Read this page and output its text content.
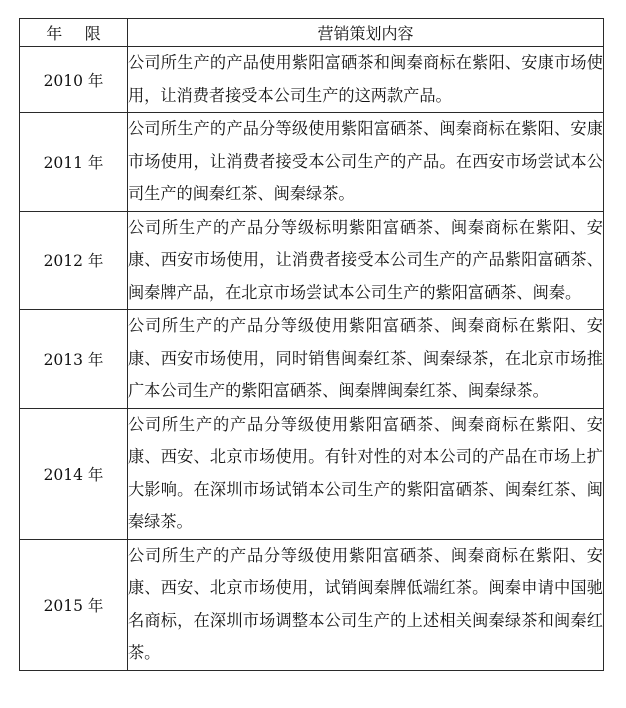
年 限	营销策划内容
2010 年	公司所生产的产品使用紫阳富硒茶和闽秦商标在紫阳、安康市场使用，让消费者接受本公司生产的这两款产品。
2011 年	公司所生产的产品分等级使用紫阳富硒茶、闽秦商标在紫阳、安康市场使用，让消费者接受本公司生产的产品。在西安市场尝试本公司生产的闽秦红茶、闽秦绿茶。
2012 年	公司所生产的产品分等级标明紫阳富硒茶、闽秦商标在紫阳、安康、西安市场使用，让消费者接受本公司生产的产品紫阳富硒茶、闽秦牌产品，在北京市场尝试本公司生产的紫阳富硒茶、闽秦。
2013 年	公司所生产的产品分等级使用紫阳富硒茶、闽秦商标在紫阳、安康、西安市场使用，同时销售闽秦红茶、闽秦绿茶，在北京市场推广本公司生产的紫阳富硒茶、闽秦牌闽秦红茶、闽秦绿茶。
2014 年	公司所生产的产品分等级使用紫阳富硒茶、闽秦商标在紫阳、安康、西安、北京市场使用。有针对性的对本公司的产品在市场上扩大影响。在深圳市场试销本公司生产的紫阳富硒茶、闽秦红茶、闽秦绿茶。
2015 年	公司所生产的产品分等级使用紫阳富硒茶、闽秦商标在紫阳、安康、西安、北京市场使用，试销闽秦牌低端红茶。闽秦申请中国驰名商标，在深圳市场调整本公司生产的上述相关闽秦绿茶和闽秦红茶。
